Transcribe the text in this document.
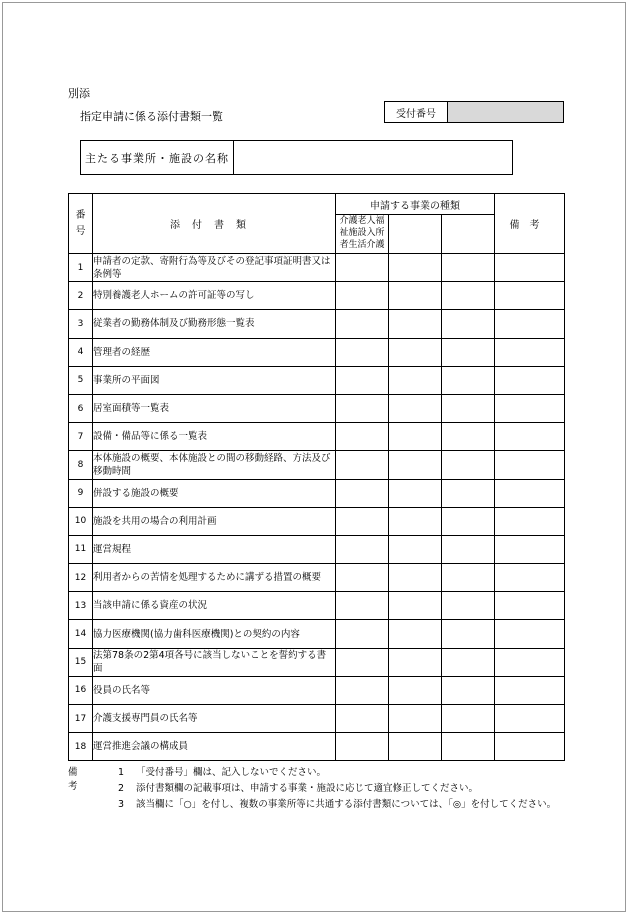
別添
指定申請に係る添付書類一覧	受付番号
主たる事業所・施設の名称
番号	添付書類	申請する事業の種類			備考
		介護老人福祉施設入所者生活介護			
1	申請者の定款、寄附行為等及びその登記事項証明書又は条例等				
2	特別養護老人ホームの許可証等の写し				
3	従業者の勤務体制及び勤務形態一覧表				
4	管理者の経歴				
5	事業所の平面図				
6	居室面積等一覧表				
7	設備・備品等に係る一覧表				
8	本体施設の概要、本体施設との間の移動経路、方法及び移動時間				
9	併設する施設の概要				
10	施設を共用の場合の利用計画				
11	運営規程				
12	利用者からの苦情を処理するために講ずる措置の概要				
13	当該申請に係る資産の状況				
14	協力医療機関(協力歯科医療機関)との契約の内容				
15	法第78条の2第4項各号に該当しないことを誓約する書面				
16	役員の氏名等				
17	介護支援専門員の氏名等				
18	運営推進会議の構成員				
備考
1 「受付番号」欄は、記入しないでください。
2 添付書類欄の記載事項は、申請する事業・施設に応じて適宜修正してください。
3 該当欄に「○」を付し、複数の事業所等に共通する添付書類については、「◎」を付してください。
